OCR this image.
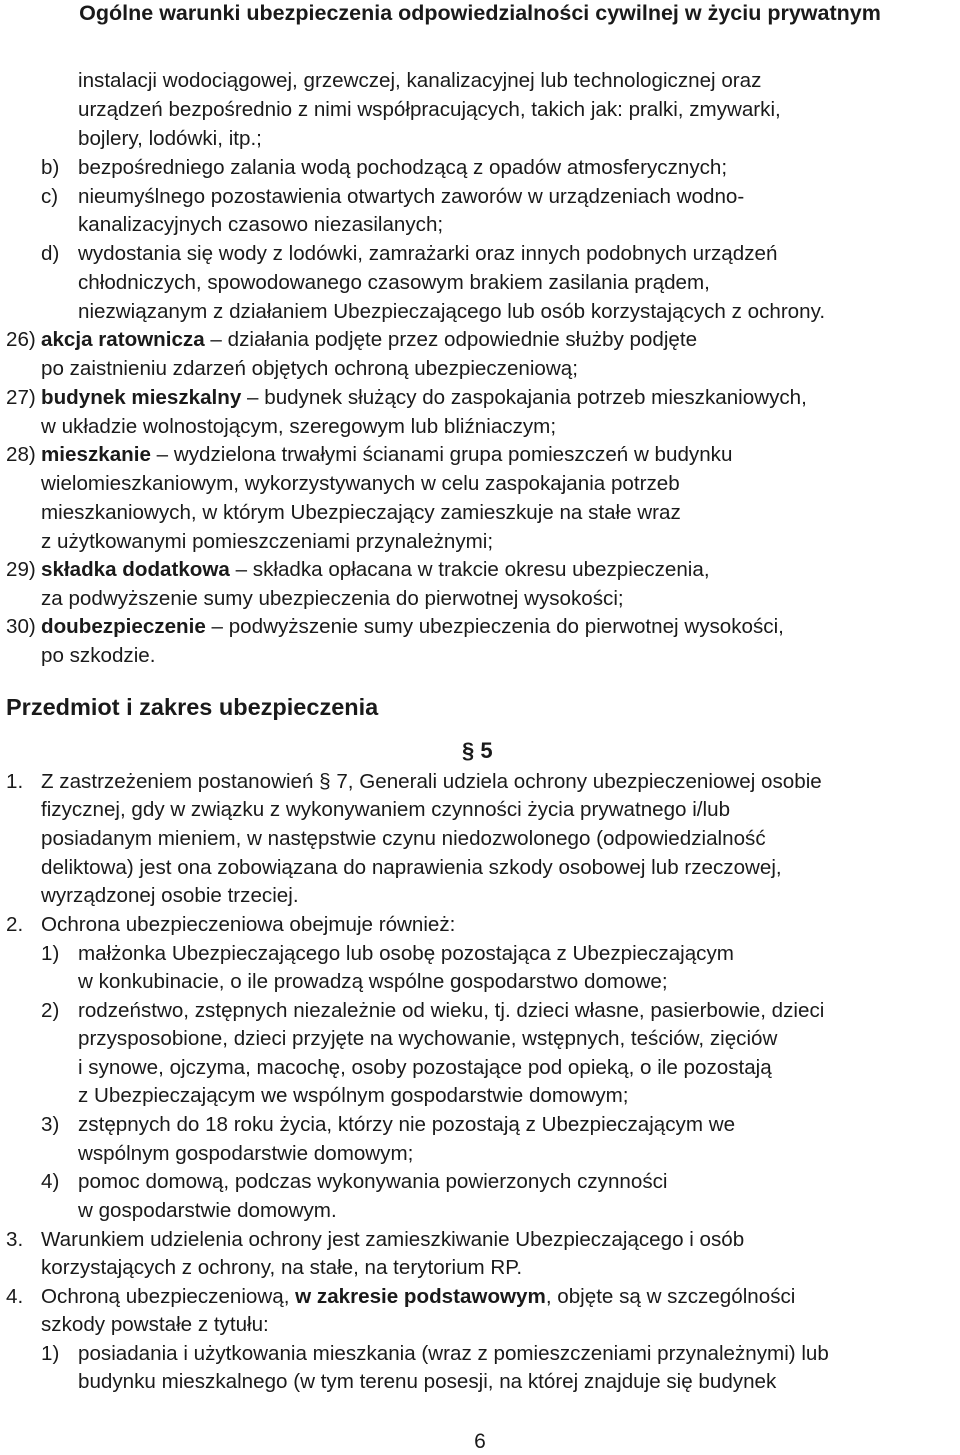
Ogólne warunki ubezpieczenia odpowiedzialności cywilnej w życiu prywatnym
instalacji wodociągowej, grzewczej, kanalizacyjnej lub technologicznej oraz
urządzeń bezpośrednio z nimi współpracujących, takich jak: pralki, zmywarki,
bojlery, lodówki, itp.;
b) bezpośredniego zalania wodą pochodzącą z opadów atmosferycznych;
c) nieumyślnego pozostawienia otwartych zaworów w urządzeniach wodno-
kanalizacyjnych czasowo niezasilanych;
d) wydostania się wody z lodówki, zamrażarki oraz innych podobnych urządzeń
chłodniczych, spowodowanego czasowym brakiem zasilania prądem,
niezwiązanym z działaniem Ubezpieczającego lub osób korzystających z ochrony.
26) akcja ratownicza – działania podjęte przez odpowiednie służby podjęte
po zaistnieniu zdarzeń objętych ochroną ubezpieczeniową;
27) budynek mieszkalny – budynek służący do zaspokajania potrzeb mieszkaniowych,
w układzie wolnostojącym, szeregowym lub bliźniaczym;
28) mieszkanie – wydzielona trwałymi ścianami grupa pomieszczeń w budynku
wielomieszkaniowym, wykorzystywanych w celu zaspokajania potrzeb
mieszkaniowych, w którym Ubezpieczający zamieszkuje na stałe wraz
z użytkowanymi pomieszczeniami przynależnymi;
29) składka dodatkowa – składka opłacana w trakcie okresu ubezpieczenia,
za podwyższenie sumy ubezpieczenia do pierwotnej wysokości;
30) doubezpieczenie – podwyższenie sumy ubezpieczenia do pierwotnej wysokości,
po szkodzie.
Przedmiot i zakres ubezpieczenia
§ 5
1. Z zastrzeżeniem postanowień § 7, Generali udziela ochrony ubezpieczeniowej osobie
fizycznej, gdy w związku z wykonywaniem czynności życia prywatnego i/lub
posiadanym mieniem, w następstwie czynu niedozwolonego (odpowiedzialność
deliktowa) jest ona zobowiązana do naprawienia szkody osobowej lub rzeczowej,
wyrządzonej osobie trzeciej.
2. Ochrona ubezpieczeniowa obejmuje również:
1) małżonka Ubezpieczającego lub osobę pozostająca z Ubezpieczającym
w konkubinacie, o ile prowadzą wspólne gospodarstwo domowe;
2) rodzeństwo, zstępnych niezależnie od wieku, tj. dzieci własne, pasierbowie, dzieci
przysposobione, dzieci przyjęte na wychowanie, wstępnych, teściów, zięciów
i synowe, ojczyma, macochę, osoby pozostające pod opieką, o ile pozostają
z Ubezpieczającym we wspólnym gospodarstwie domowym;
3) zstępnych do 18 roku życia, którzy nie pozostają z Ubezpieczającym we
wspólnym gospodarstwie domowym;
4) pomoc domową, podczas wykonywania powierzonych czynności
w gospodarstwie domowym.
3. Warunkiem udzielenia ochrony jest zamieszkiwanie Ubezpieczającego i osób
korzystających z ochrony, na stałe, na terytorium RP.
4. Ochroną ubezpieczeniową, w zakresie podstawowym, objęte są w szczególności
szkody powstałe z tytułu:
1) posiadania i użytkowania mieszkania (wraz z pomieszczeniami przynależnymi) lub
budynku mieszkalnego (w tym terenu posesji, na której znajduje się budynek
6
